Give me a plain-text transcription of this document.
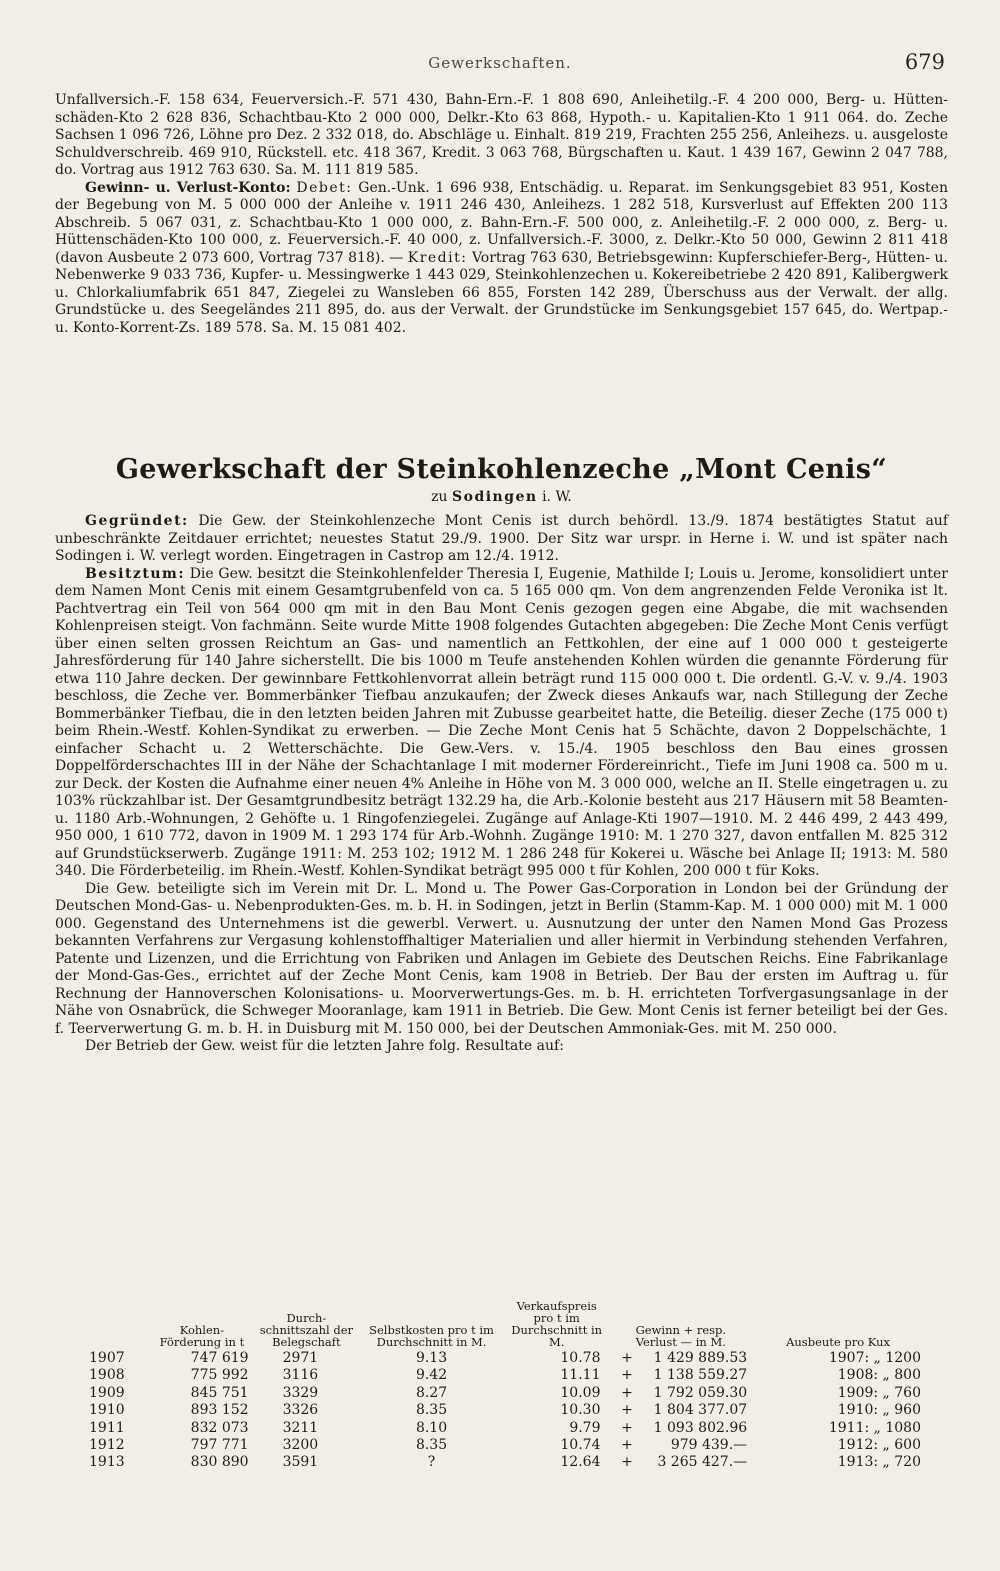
Gewerkschaften.	679

Unfallversich.-F. 158 634, Feuerversich.-F. 571 430, Bahn-Ern.-F. 1 808 690, Anleihetilg.-F. 4 200 000, Berg- u. Hüttenschäden-Kto 2 628 836, Schachtbau-Kto 2 000 000, Delkr.-Kto 63 868, Hypoth.- u. Kapitalien-Kto 1 911 064. do. Zeche Sachsen 1 096 726, Löhne pro Dez. 2 332 018, do. Abschläge u. Einhalt. 819 219, Frachten 255 256, Anleihezs. u. ausgeloste Schuldverschreib. 469 910, Rückstell. etc. 418 367, Kredit. 3 063 768, Bürgschaften u. Kaut. 1 439 167, Gewinn 2 047 788, do. Vortrag aus 1912 763 630. Sa. M. 111 819 585.

Gewinn- u. Verlust-Konto: Debet: Gen.-Unk. 1 696 938, Entschädig. u. Reparat. im Senkungsgebiet 83 951, Kosten der Begebung von M. 5 000 000 der Anleihe v. 1911 246 430, Anleihezs. 1 282 518, Kursverlust auf Effekten 200 113 Abschreib. 5 067 031, z. Schachtbau-Kto 1 000 000, z. Bahn-Ern.-F. 500 000, z. Anleihetilg.-F. 2 000 000, z. Berg- u. Hüttenschäden-Kto 100 000, z. Feuerversich.-F. 40 000, z. Unfallversich.-F. 3000, z. Delkr.-Kto 50 000, Gewinn 2 811 418 (davon Ausbeute 2 073 600, Vortrag 737 818). — Kredit: Vortrag 763 630, Betriebsgewinn: Kupferschiefer-Berg-, Hütten- u. Nebenwerke 9 033 736, Kupfer- u. Messingwerke 1 443 029, Steinkohlenzechen u. Kokereibetriebe 2 420 891, Kalibergwerk u. Chlorkaliumfabrik 651 847, Ziegelei zu Wansleben 66 855, Forsten 142 289, Überschuss aus der Verwalt. der allg. Grundstücke u. des Seegeländes 211 895, do. aus der Verwalt. der Grundstücke im Senkungsgebiet 157 645, do. Wertpap.- u. Konto-Korrent-Zs. 189 578. Sa. M. 15 081 402.

Gewerkschaft der Steinkohlenzeche „Mont Cenis“
zu Sodingen i. W.

Gegründet: Die Gew. der Steinkohlenzeche Mont Cenis ist durch behördl. 13./9. 1874 bestätigtes Statut auf unbeschränkte Zeitdauer errichtet; neuestes Statut 29./9. 1900. Der Sitz war urspr. in Herne i. W. und ist später nach Sodingen i. W. verlegt worden. Eingetragen in Castrop am 12./4. 1912.

Besitztum: Die Gew. besitzt die Steinkohlenfelder Theresia I, Eugenie, Mathilde I; Louis u. Jerome, konsolidiert unter dem Namen Mont Cenis mit einem Gesamtgrubenfeld von ca. 5 165 000 qm. Von dem angrenzenden Felde Veronika ist lt. Pachtvertrag ein Teil von 564 000 qm mit in den Bau Mont Cenis gezogen gegen eine Abgabe, die mit wachsenden Kohlenpreisen steigt. Von fachmänn. Seite wurde Mitte 1908 folgendes Gutachten abgegeben: Die Zeche Mont Cenis verfügt über einen selten grossen Reichtum an Gas- und namentlich an Fettkohlen, der eine auf 1 000 000 t gesteigerte Jahresförderung für 140 Jahre sicherstellt. Die bis 1000 m Teufe anstehenden Kohlen würden die genannte Förderung für etwa 110 Jahre decken. Der gewinnbare Fettkohlenvorrat allein beträgt rund 115 000 000 t. Die ordentl. G.-V. v. 9./4. 1903 beschloss, die Zeche ver. Bommerbänker Tiefbau anzukaufen; der Zweck dieses Ankaufs war, nach Stillegung der Zeche Bommerbänker Tiefbau, die in den letzten beiden Jahren mit Zubusse gearbeitet hatte, die Beteilig. dieser Zeche (175 000 t) beim Rhein.-Westf. Kohlen-Syndikat zu erwerben. — Die Zeche Mont Cenis hat 5 Schächte, davon 2 Doppelschächte, 1 einfacher Schacht u. 2 Wetterschächte. Die Gew.-Vers. v. 15./4. 1905 beschloss den Bau eines grossen Doppelförderschachtes III in der Nähe der Schachtanlage I mit moderner Fördereinricht., Tiefe im Juni 1908 ca. 500 m u. zur Deck. der Kosten die Aufnahme einer neuen 4% Anleihe in Höhe von M. 3 000 000, welche an II. Stelle eingetragen u. zu 103% rückzahlbar ist. Der Gesamtgrundbesitz beträgt 132.29 ha, die Arb.-Kolonie besteht aus 217 Häusern mit 58 Beamten- u. 1180 Arb.-Wohnungen, 2 Gehöfte u. 1 Ringofenziegelei. Zugänge auf Anlage-Kti 1907—1910. M. 2 446 499, 2 443 499, 950 000, 1 610 772, davon in 1909 M. 1 293 174 für Arb.-Wohnh. Zugänge 1910: M. 1 270 327, davon entfallen M. 825 312 auf Grundstückserwerb. Zugänge 1911: M. 253 102; 1912 M. 1 286 248 für Kokerei u. Wäsche bei Anlage II; 1913: M. 580 340. Die Förderbeteilig. im Rhein.-Westf. Kohlen-Syndikat beträgt 995 000 t für Kohlen, 200 000 t für Koks.

Die Gew. beteiligte sich im Verein mit Dr. L. Mond u. The Power Gas-Corporation in London bei der Gründung der Deutschen Mond-Gas- u. Nebenprodukten-Ges. m. b. H. in Sodingen, jetzt in Berlin (Stamm-Kap. M. 1 000 000) mit M. 1 000 000. Gegenstand des Unternehmens ist die gewerbl. Verwert. u. Ausnutzung der unter den Namen Mond Gas Prozess bekannten Verfahrens zur Vergasung kohlenstoffhaltiger Materialien und aller hiermit in Verbindung stehenden Verfahren, Patente und Lizenzen, und die Errichtung von Fabriken und Anlagen im Gebiete des Deutschen Reichs. Eine Fabrikanlage der Mond-Gas-Ges., errichtet auf der Zeche Mont Cenis, kam 1908 in Betrieb. Der Bau der ersten im Auftrag u. für Rechnung der Hannoverschen Kolonisations- u. Moorverwertungs-Ges. m. b. H. errichteten Torfvergasungsanlage in der Nähe von Osnabrück, die Schweger Mooranlage, kam 1911 in Betrieb. Die Gew. Mont Cenis ist ferner beteiligt bei der Ges. f. Teerverwertung G. m. b. H. in Duisburg mit M. 150 000, bei der Deutschen Ammoniak-Ges. mit M. 250 000.

Der Betrieb der Gew. weist für die letzten Jahre folg. Resultate auf:

	Kohlen-Förderung in t	Durch-schnittszahl der Belegschaft	Selbstkosten pro t im Durchschnitt in M.	Verkaufspreis pro t im Durchschnitt in M.	Gewinn + resp. Verlust — in M.		Ausbeute pro Kux
1907	747 619	2971	9.13	10.78	+	1 429 889.53	1907: „ 1200
1908	775 992	3116	9.42	11.11	+	1 138 559.27	1908: „ 800
1909	845 751	3329	8.27	10.09	+	1 792 059.30	1909: „ 760
1910	893 152	3326	8.35	10.30	+	1 804 377.07	1910: „ 960
1911	832 073	3211	8.10	9.79	+	1 093 802.96	1911: „ 1080
1912	797 771	3200	8.35	10.74	+	979 439.—	1912: „ 600
1913	830 890	3591	?	12.64	+	3 265 427.—	1913: „ 720
